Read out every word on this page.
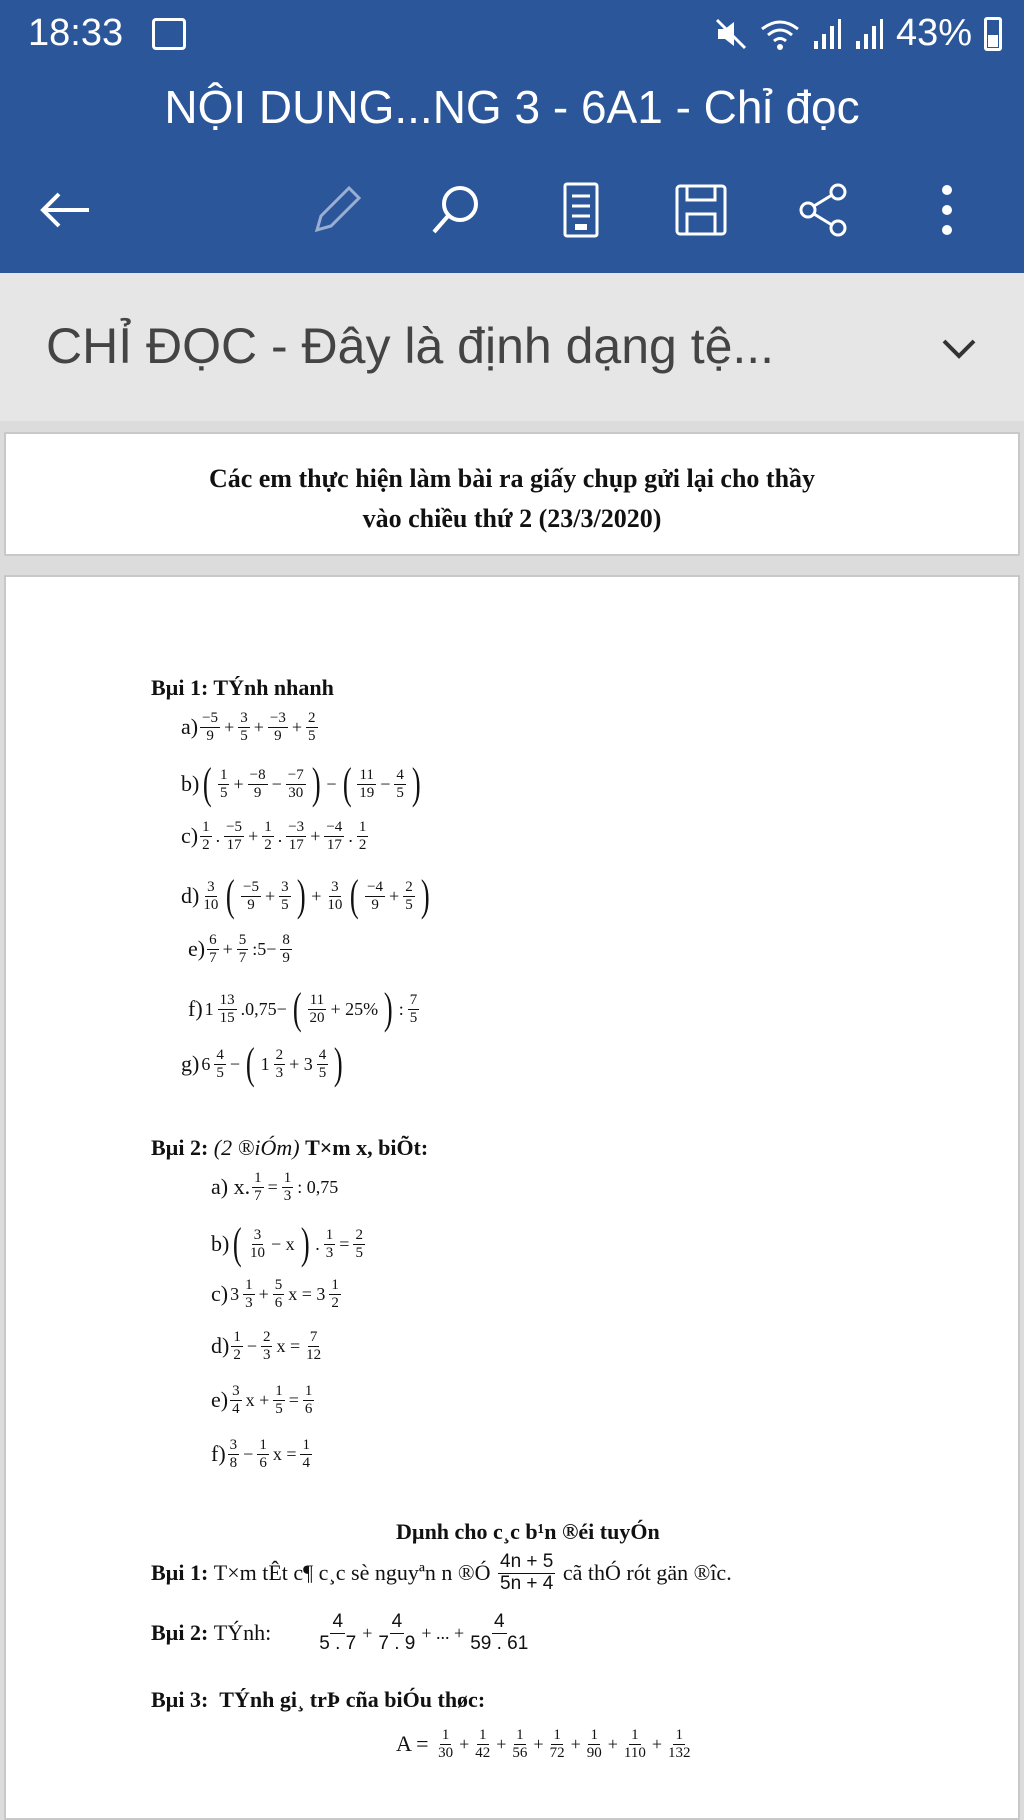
18:33	43%
NỘI DUNG...NG 3 - 6A1 - Chỉ đọc
CHỈ ĐỌC - Đây là định dạng tệ...
Các em thực hiện làm bài ra giấy chụp gửi lại cho thầy
vào chiều thứ 2 (23/3/2020)
Bµi 1: TÝnh nhanh
$a) \frac{-5}{9} + \frac{3}{5} + \frac{-3}{9} + \frac{2}{5}$
b) ( $\frac{1}{5} + \frac{-8}{9} - \frac{-7}{30}$ ) − ( $\frac{11}{19} - \frac{4}{5}$ )
$c) \frac{1}{2}$ . $\frac{-5}{17} + \frac{1}{2}$ . $\frac{-3}{17} + \frac{-4}{17}$ . $\frac{1}{2}$
$d) \frac{3}{10}$ ( $\frac{-5}{9} + \frac{3}{5}$ ) + $\frac{3}{10}$ ( $\frac{-4}{9} + \frac{2}{5}$ )
$e) \frac{6}{7} + \frac{5}{7}$ :5− $\frac{8}{9}$
f) $1 \frac{13}{15} .0,75-$ ( $\frac{11}{20} + 25\%$ ) : $\frac{7}{5}$
g) $6 \frac{4}{5}$ − ( $1 \frac{2}{3} + 3 \frac{4}{5}$ )
Bµi 2:
(2 ®iÓm)
T×m x, biÕt:
a) x. $\frac{1}{7} = \frac{1}{3}$ : 0,75
b) ( $\frac{3}{10} - x$ ) . $\frac{1}{3} = \frac{2}{5}$
c) $3 \frac{1}{3} + \frac{5}{6}$ $x = 3 \frac{1}{2}$
$d) \frac{1}{2} - \frac{2}{3}$ $x = \frac{7}{12}$
$e) \frac{3}{4}$ $x + \frac{1}{5} = \frac{1}{6}$
$f) \frac{3}{8} - \frac{1}{6}$ $x = \frac{1}{4}$
Dµnh cho c¸c b¹n ®éi tuyÓn
Bµi 1:
T×m tÊt c¶ c¸c sè nguyªn n ®Ó
$\frac{4n + 5}{5n + 4}$
cã thÓ rót gän ®îc.
Bµi 2:
TÝnh: $\frac{4}{5 . 7} + \frac{4}{7 . 9}$ + ... + $\frac{4}{59 . 61}$
Bµi 3:
TÝnh gi¸ trÞ cña biÓu thøc:
A =
$\frac{1}{30} + \frac{1}{42} + \frac{1}{56} + \frac{1}{72} + \frac{1}{90} + \frac{1}{110} + \frac{1}{132}$
